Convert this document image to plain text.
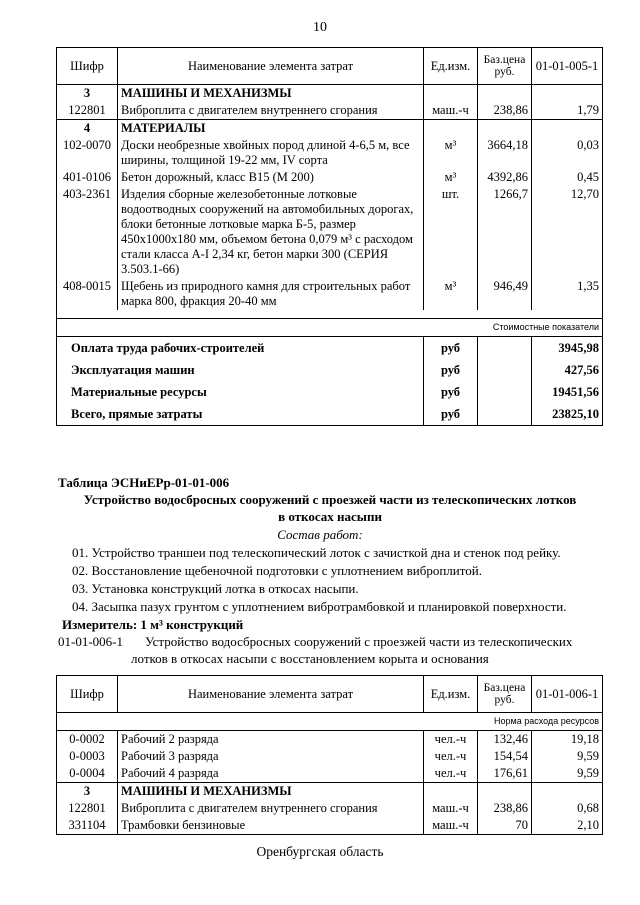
10
Шифр	Наименование элемента затрат	Ед.изм.	Баз.цена руб.	01-01-005-1
3	МАШИНЫ И МЕХАНИЗМЫ			
122801	Виброплита с двигателем внутреннего сгорания	маш.-ч	238,86	1,79
4	МАТЕРИАЛЫ			
102-0070	Доски необрезные хвойных пород длиной 4-6,5 м, все ширины, толщиной 19-22 мм, IV сорта	м³	3664,18	0,03
401-0106	Бетон дорожный, класс В15 (М 200)	м³	4392,86	0,45
403-2361	Изделия сборные железобетонные лотковые водоотводных сооружений на автомобильных дорогах, блоки бетонные лотковые марка Б-5, размер 450х1000х180 мм, объемом бетона 0,079 м³ с расходом стали класса А-I 2,34 кг, бетон марки 300 (СЕРИЯ 3.503.1-66)	шт.	1266,7	12,70
408-0015	Щебень из природного камня для строительных работ марка 800, фракция 20-40 мм	м³	946,49	1,35

Стоимостные показатели				
Оплата труда рабочих-строителей		руб		3945,98
Эксплуатация машин		руб		427,56
Материальные ресурсы		руб		19451,56
Всего, прямые затраты		руб		23825,10
Таблица ЭСНиЕРр-01-01-006
Устройство водосбросных сооружений с проезжей части из телескопических лотков в откосах насыпи
Состав работ:
01. Устройство траншеи под телескопический лоток с зачисткой дна и стенок под рейку.
02. Восстановление щебеночной подготовки с уплотнением виброплитой.
03. Установка конструкций лотка в откосах насыпи.
04. Засыпка пазух грунтом с уплотнением вибротрамбовкой и планировкой поверхности.
Измеритель: 1 м³ конструкций
01-01-006-1	Устройство водосбросных сооружений с проезжей части из телескопических лотков в откосах насыпи с восстановлением корыта и основания
Шифр	Наименование элемента затрат	Ед.изм.	Баз.цена руб.	01-01-006-1
Норма расхода ресурсов				
0-0002	Рабочий 2 разряда	чел.-ч	132,46	19,18
0-0003	Рабочий 3 разряда	чел.-ч	154,54	9,59
0-0004	Рабочий 4 разряда	чел.-ч	176,61	9,59
3	МАШИНЫ И МЕХАНИЗМЫ			
122801	Виброплита с двигателем внутреннего сгорания	маш.-ч	238,86	0,68
331104	Трамбовки бензиновые	маш.-ч	70	2,10
Оренбургская область
